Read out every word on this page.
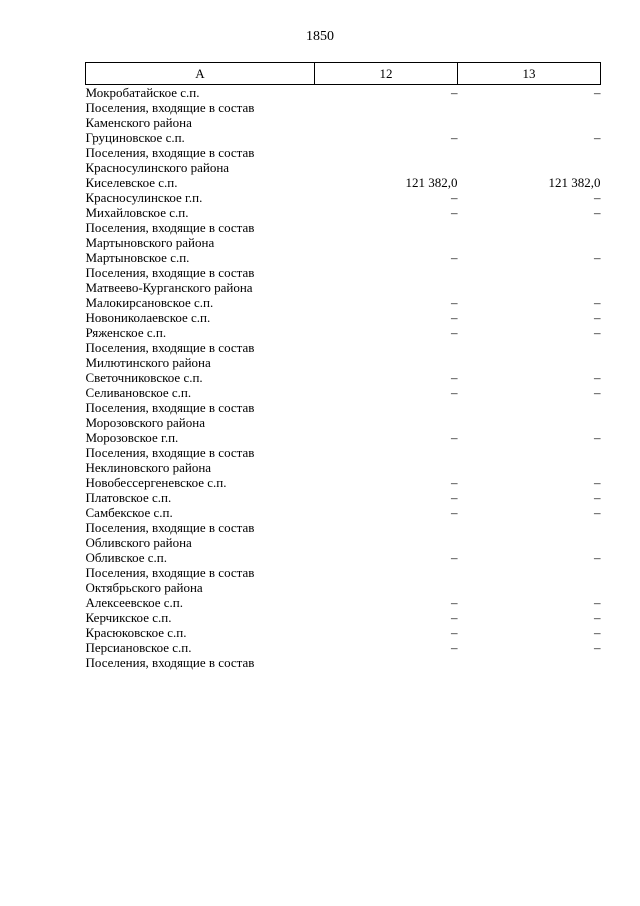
1850
А	12	13
Мокробатайское с.п.	–	–
Поселения, входящие в состав Каменского района		
Груциновское с.п.	–	–
Поселения, входящие в состав Красносулинского района		
Киселевское с.п.	121 382,0	121 382,0
Красносулинское г.п.	–	–
Михайловское с.п.	–	–
Поселения, входящие в состав Мартыновского района		
Мартыновское с.п.	–	–
Поселения, входящие в состав Матвеево-Курганского района		
Малокирсановское с.п.	–	–
Новониколаевское с.п.	–	–
Ряженское с.п.	–	–
Поселения, входящие в состав Милютинского района		
Светочниковское с.п.	–	–
Селивановское с.п.	–	–
Поселения, входящие в состав Морозовского района		
Морозовское г.п.	–	–
Поселения, входящие в состав Неклиновского района		
Новобессергеневское с.п.	–	–
Платовское с.п.	–	–
Самбекское с.п.	–	–
Поселения, входящие в состав Обливского района		
Обливское с.п.	–	–
Поселения, входящие в состав Октябрьского района		
Алексеевское с.п.	–	–
Керчикское с.п.	–	–
Красюковское с.п.	–	–
Персиановское с.п.	–	–
Поселения, входящие в состав		
